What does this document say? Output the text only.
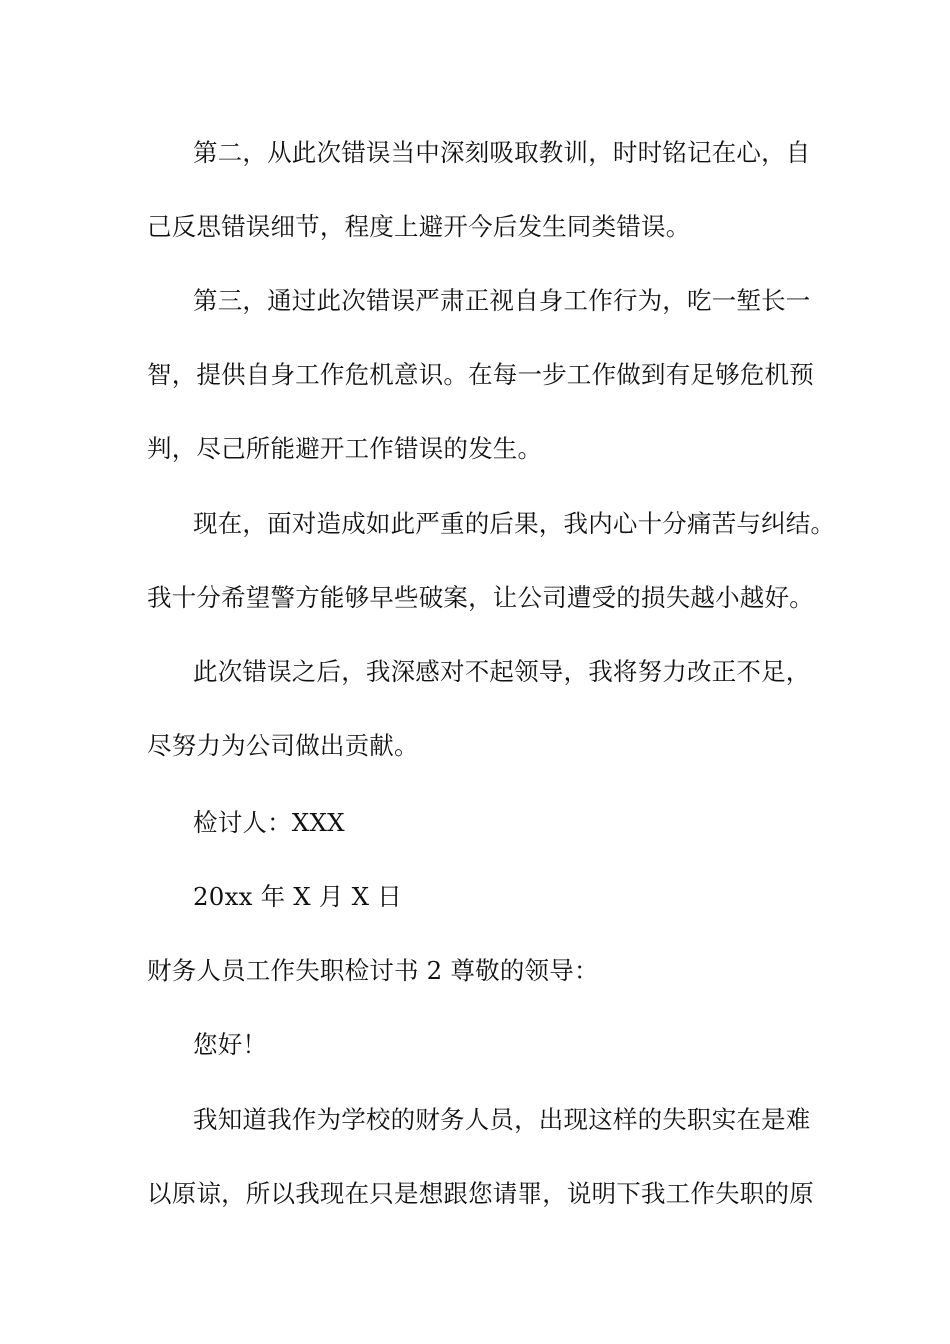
第二，从此次错误当中深刻吸取教训，时时铭记在心，自
己反思错误细节，程度上避开今后发生同类错误。
第三，通过此次错误严肃正视自身工作行为，吃一堑长一
智，提供自身工作危机意识。在每一步工作做到有足够危机预
判，尽己所能避开工作错误的发生。
现在，面对造成如此严重的后果，我内心十分痛苦与纠结。
我十分希望警方能够早些破案，让公司遭受的损失越小越好。
此次错误之后，我深感对不起领导，我将努力改正不足，
尽努力为公司做出贡献。
检讨人：XXX
20xx 年 X 月 X 日
财务人员工作失职检讨书 2 尊敬的领导：
您好！
我知道我作为学校的财务人员，出现这样的失职实在是难
以原谅，所以我现在只是想跟您请罪，说明下我工作失职的原
